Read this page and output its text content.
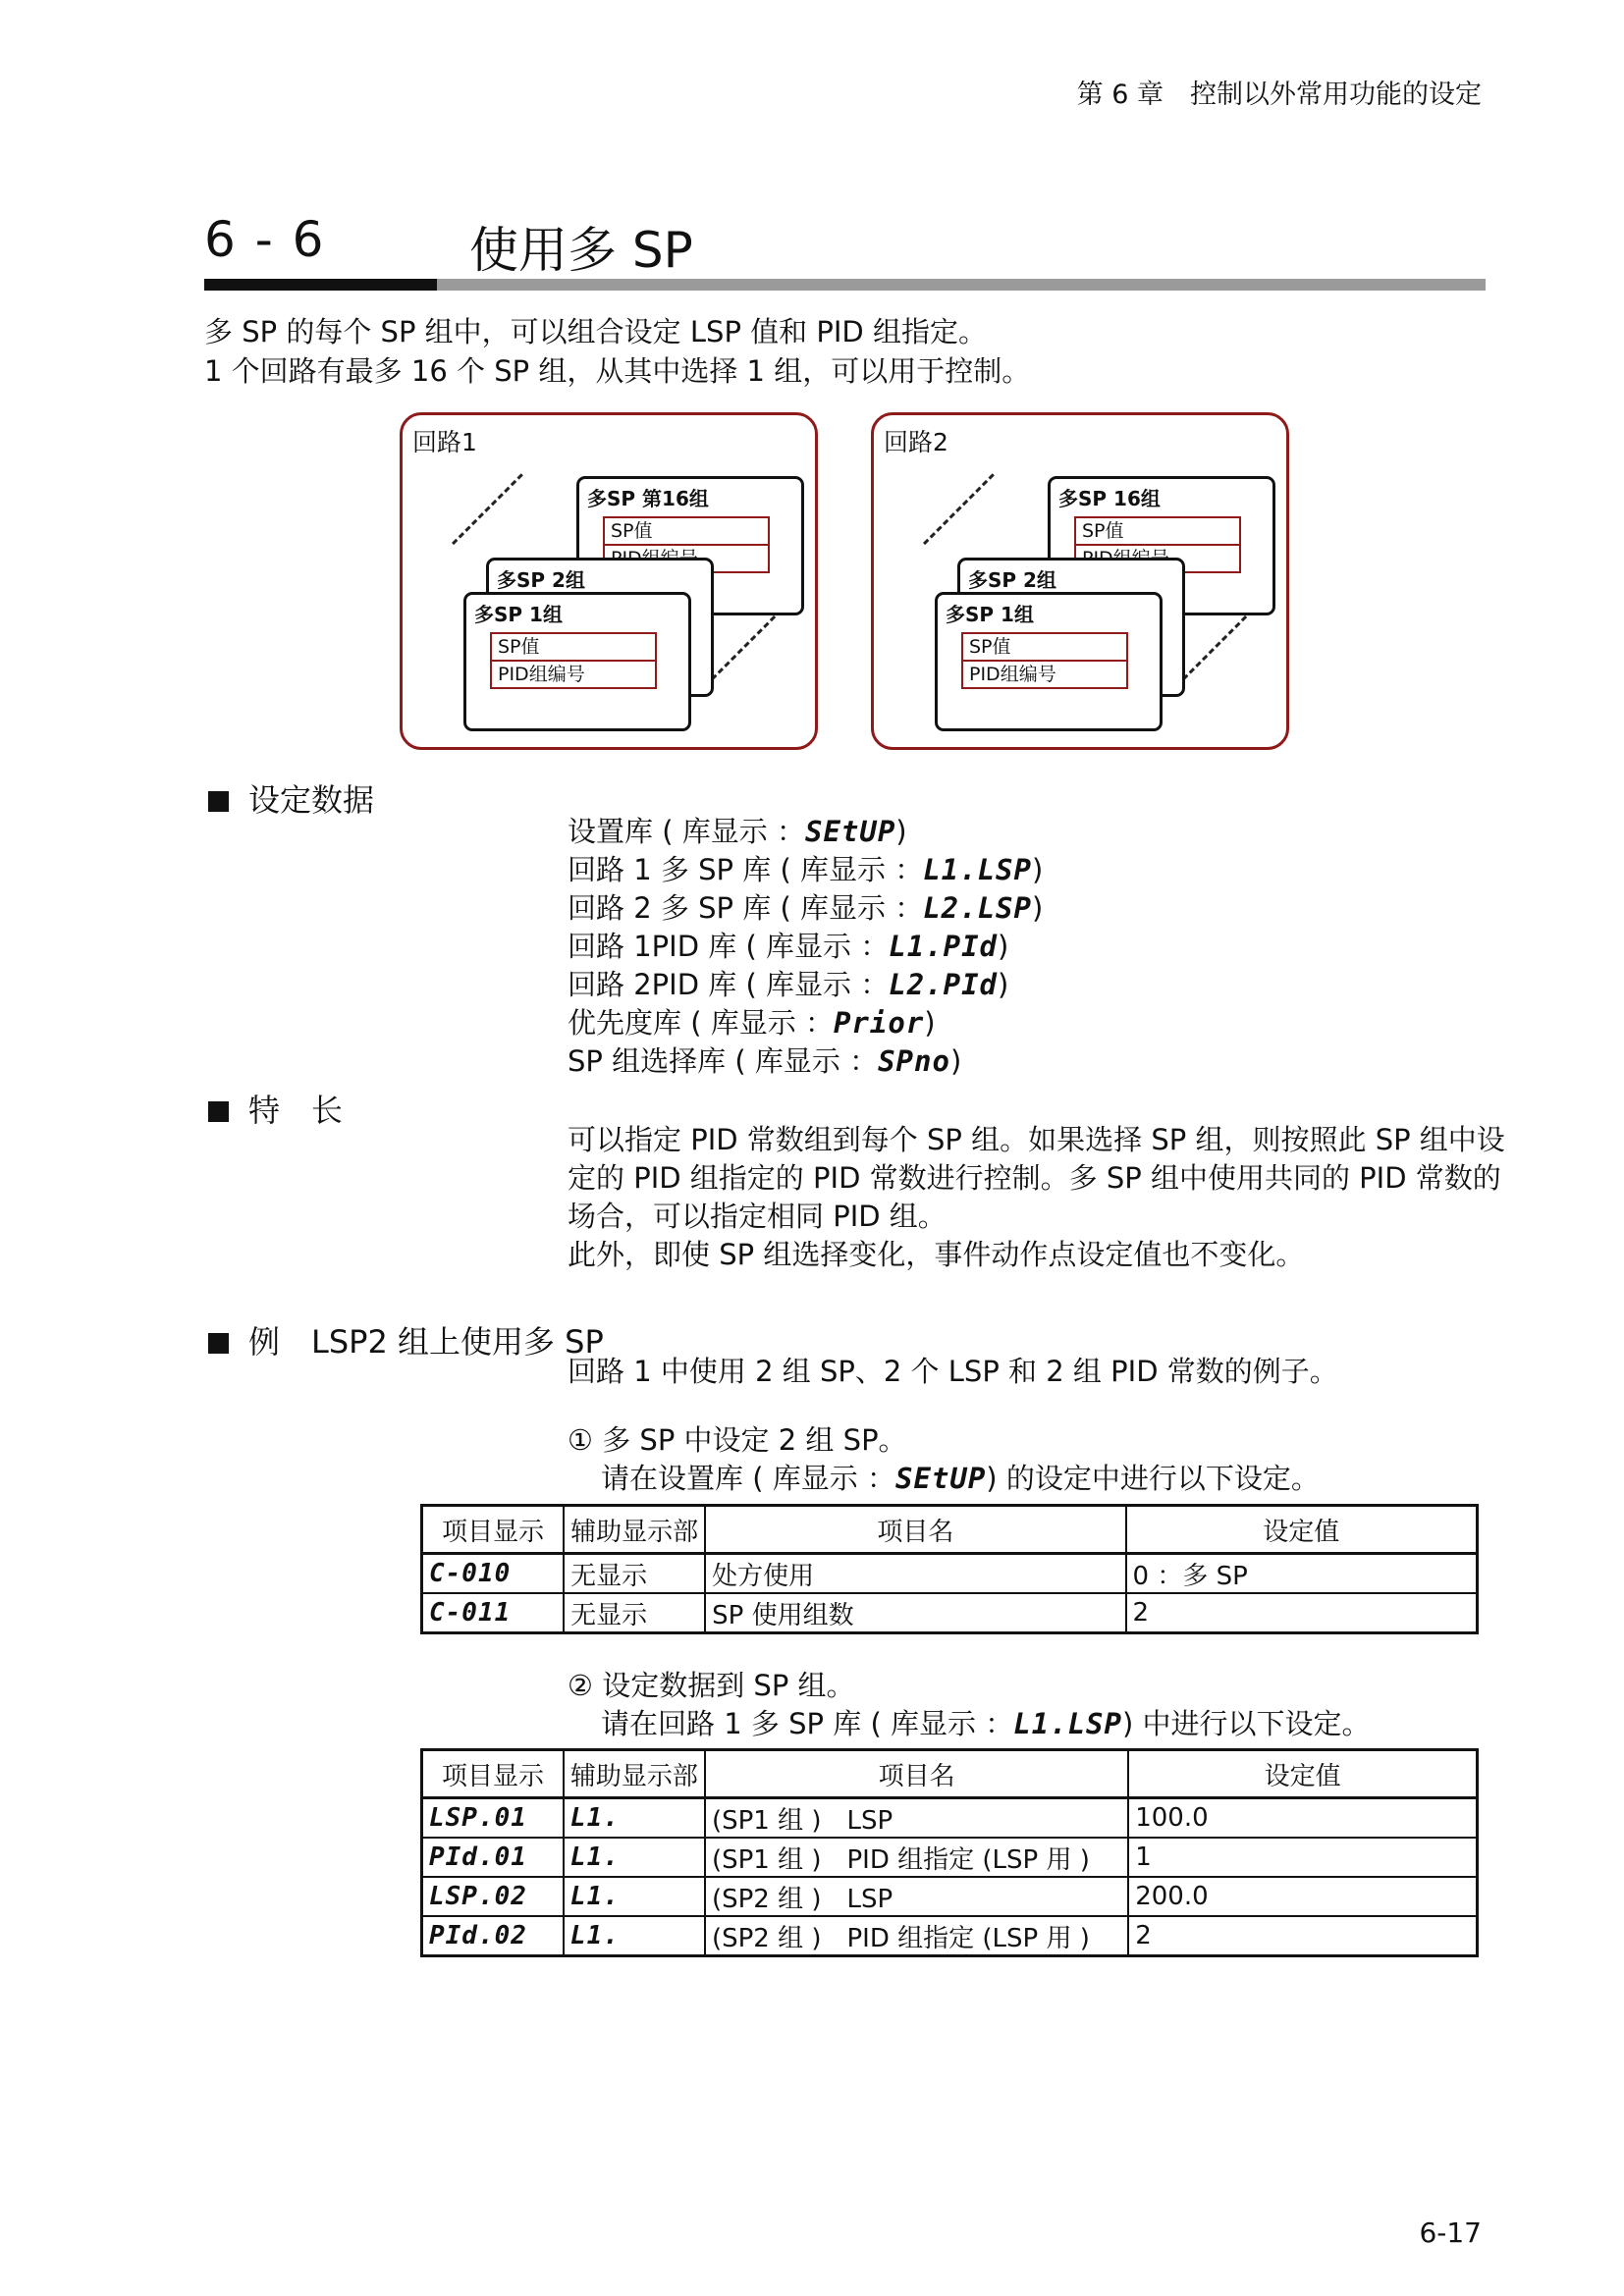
第 6 章　控制以外常用功能的设定
6 - 6	使用多 SP
多 SP 的每个 SP 组中，可以组合设定 LSP 值和 PID 组指定。
1 个回路有最多 16 个 SP 组，从其中选择 1 组，可以用于控制。
回路1
多SP 第16组
SP值
多SP 2组
多SP 1组
SP值
PID组编号
回路2
多SP 16组
SP值
多SP 2组
多SP 1组
SP值
PID组编号
设定数据
设置库 ( 库显示 ：SEtUP)
回路 1 多 SP 库 ( 库显示 ：L1.LSP)
回路 2 多 SP 库 ( 库显示 ：L2.LSP)
回路 1PID 库 ( 库显示 ：L1.PId)
回路 2PID 库 ( 库显示 ：L2.PId)
优先度库 ( 库显示 ：Prior)
SP 组选择库 ( 库显示 ：SPno)
特　长
可以指定 PID 常数组到每个 SP 组。如果选择 SP 组，则按照此 SP 组中设
定的 PID 组指定的 PID 常数进行控制。多 SP 组中使用共同的 PID 常数的
场合，可以指定相同 PID 组。
此外，即使 SP 组选择变化，事件动作点设定值也不变化。
例　LSP2 组上使用多 SP
回路 1 中使用 2 组 SP、2 个 LSP 和 2 组 PID 常数的例子。
① 多 SP 中设定 2 组 SP。
请在设置库 ( 库显示 ：SEtUP) 的设定中进行以下设定。
项目显示	辅助显示部	项目名	设定值
C-010	无显示	处方使用	0 ：多 SP
C-011	无显示	SP 使用组数	2
② 设定数据到 SP 组。
请在回路 1 多 SP 库 ( 库显示 ：L1.LSP) 中进行以下设定。
项目显示	辅助显示部	项目名	设定值
LSP.01	L1.	(SP1 组 )　LSP	100.0
PId.01	L1.	(SP1 组 )　PID 组指定 (LSP 用 )	1
LSP.02	L1.	(SP2 组 )　LSP	200.0
PId.02	L1.	(SP2 组 )　PID 组指定 (LSP 用 )	2
6-17
